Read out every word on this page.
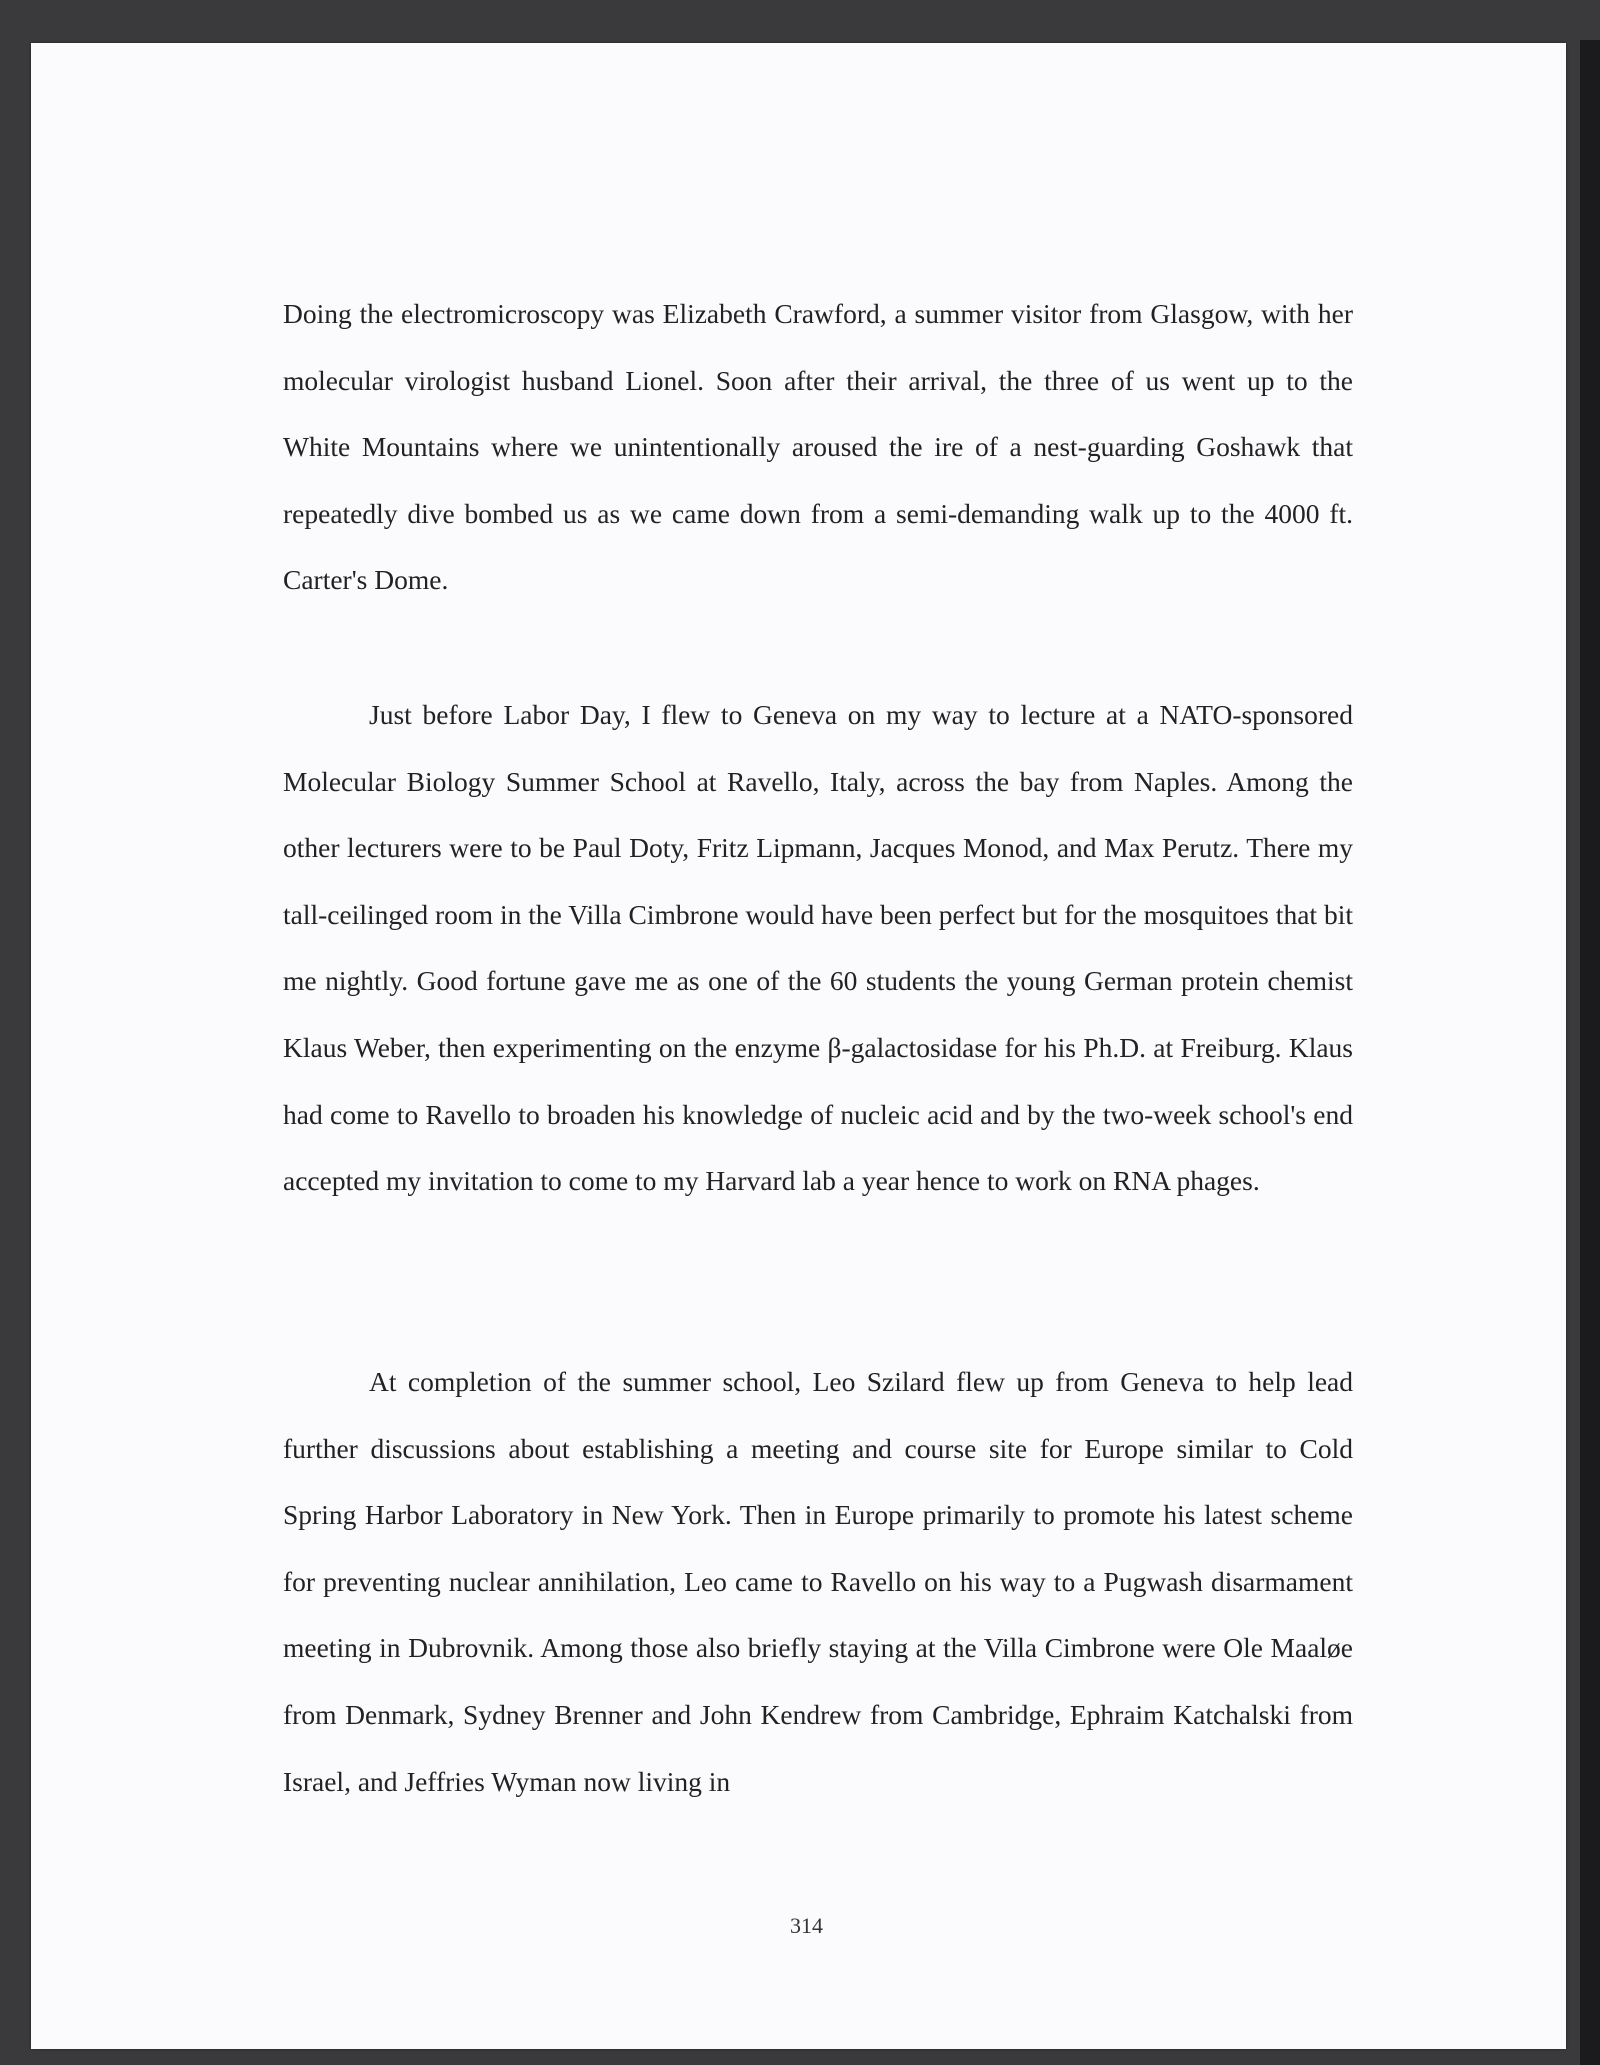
Doing the electromicroscopy was Elizabeth Crawford, a summer visitor from Glasgow, with her molecular virologist husband Lionel. Soon after their arrival, the three of us went up to the White Mountains where we unintentionally aroused the ire of a nest-guarding Goshawk that repeatedly dive bombed us as we came down from a semi-demanding walk up to the 4000 ft. Carter's Dome.

Just before Labor Day, I flew to Geneva on my way to lecture at a NATO-sponsored Molecular Biology Summer School at Ravello, Italy, across the bay from Naples. Among the other lecturers were to be Paul Doty, Fritz Lipmann, Jacques Monod, and Max Perutz. There my tall-ceilinged room in the Villa Cimbrone would have been perfect but for the mosquitoes that bit me nightly. Good fortune gave me as one of the 60 students the young German protein chemist Klaus Weber, then experimenting on the enzyme β-galactosidase for his Ph.D. at Freiburg. Klaus had come to Ravello to broaden his knowledge of nucleic acid and by the two-week school's end accepted my invitation to come to my Harvard lab a year hence to work on RNA phages.

At completion of the summer school, Leo Szilard flew up from Geneva to help lead further discussions about establishing a meeting and course site for Europe similar to Cold Spring Harbor Laboratory in New York. Then in Europe primarily to promote his latest scheme for preventing nuclear annihilation, Leo came to Ravello on his way to a Pugwash disarmament meeting in Dubrovnik. Among those also briefly staying at the Villa Cimbrone were Ole Maaløe from Denmark, Sydney Brenner and John Kendrew from Cambridge, Ephraim Katchalski from Israel, and Jeffries Wyman now living in

314
